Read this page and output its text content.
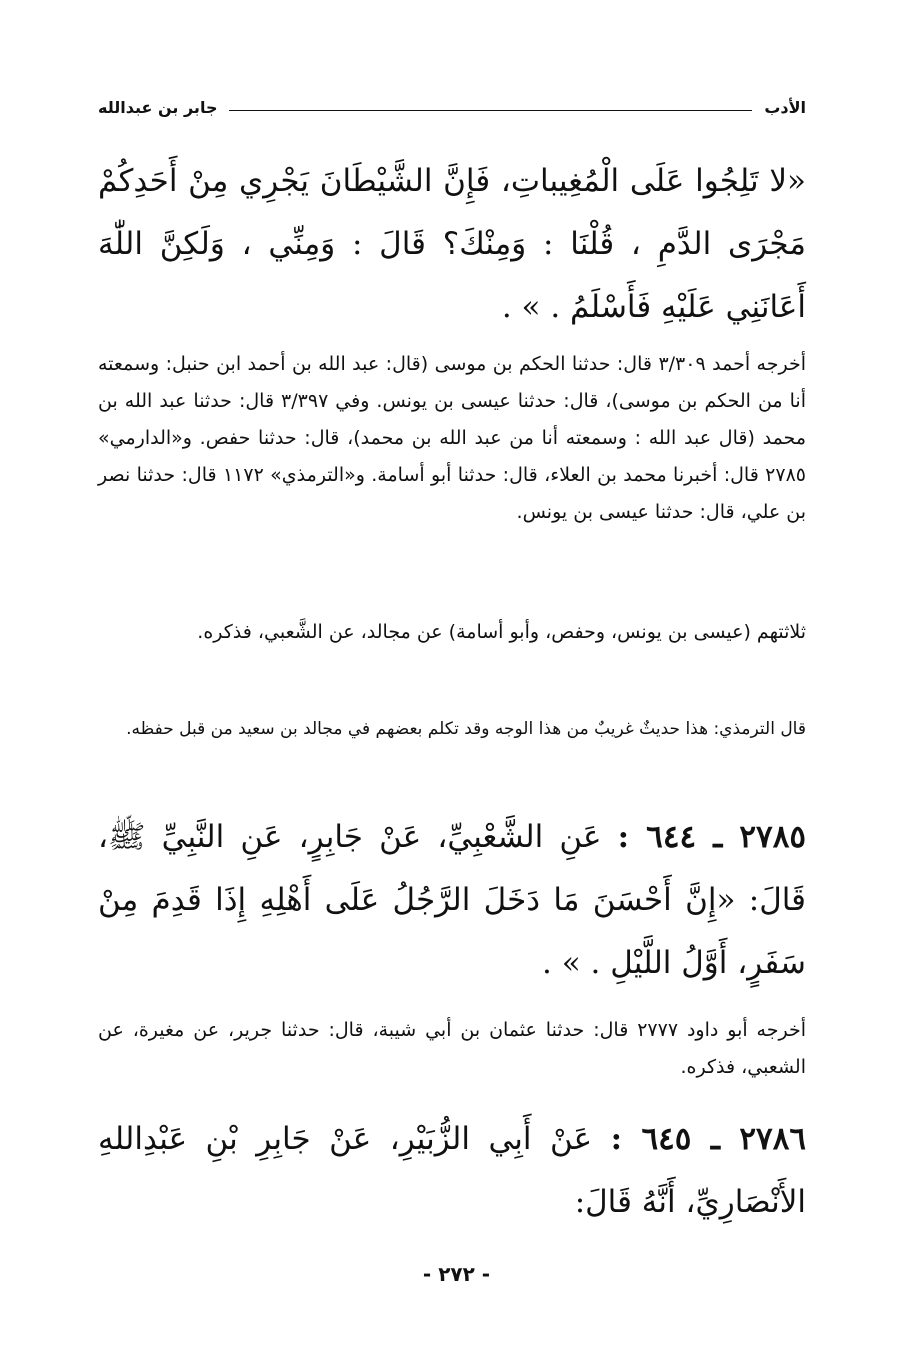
الأدب
جابر بن عبدالله

«لا تَلِجُوا عَلَى الْمُغِيباتِ، فَإِنَّ الشَّيْطَانَ يَجْرِي مِنْ أَحَدِكُمْ مَجْرَى الدَّمِ ، قُلْنَا : وَمِنْكَ؟ قَالَ : وَمِنِّي ، وَلَكِنَّ اللّٰهَ أَعَانَنِي عَلَيْهِ فَأَسْلَمُ . » .

أخرجه أحمد ٣/٣٠٩ قال: حدثنا الحكم بن موسى (قال: عبد الله بن أحمد ابن حنبل: وسمعته أنا من الحكم بن موسى)، قال: حدثنا عيسى بن يونس. وفي ٣/٣٩٧ قال: حدثنا عبد الله بن محمد (قال عبد الله : وسمعته أنا من عبد الله بن محمد)، قال: حدثنا حفص. و«الدارمي» ٢٧٨٥ قال: أخبرنا محمد بن العلاء، قال: حدثنا أبو أسامة. و«الترمذي» ١١٧٢ قال: حدثنا نصر بن علي، قال: حدثنا عيسى بن يونس.

ثلاثتهم (عيسى بن يونس، وحفص، وأبو أسامة) عن مجالد، عن الشَّعبي، فذكره.

قال الترمذي: هذا حديثٌ غريبٌ من هذا الوجه وقد تكلم بعضهم في مجالد بن سعيد من قبل حفظه.

٢٧٨٥ ـ ٦٤٤ : عَنِ الشَّعْبِيِّ، عَنْ جَابِرٍ، عَنِ النَّبِيِّ ﷺ، قَالَ: «إِنَّ أَحْسَنَ مَا دَخَلَ الرَّجُلُ عَلَى أَهْلِهِ إِذَا قَدِمَ مِنْ سَفَرٍ، أَوَّلُ اللَّيْلِ . » .

أخرجه أبو داود ٢٧٧٧ قال: حدثنا عثمان بن أبي شيبة، قال: حدثنا جرير، عن مغيرة، عن الشعبي، فذكره.

٢٧٨٦ ـ ٦٤٥ : عَنْ أَبِي الزُّبَيْرِ، عَنْ جَابِرِ بْنِ عَبْدِاللهِ الأَنْصَارِيِّ، أَنَّهُ قَالَ:

- ٢٧٢ -
